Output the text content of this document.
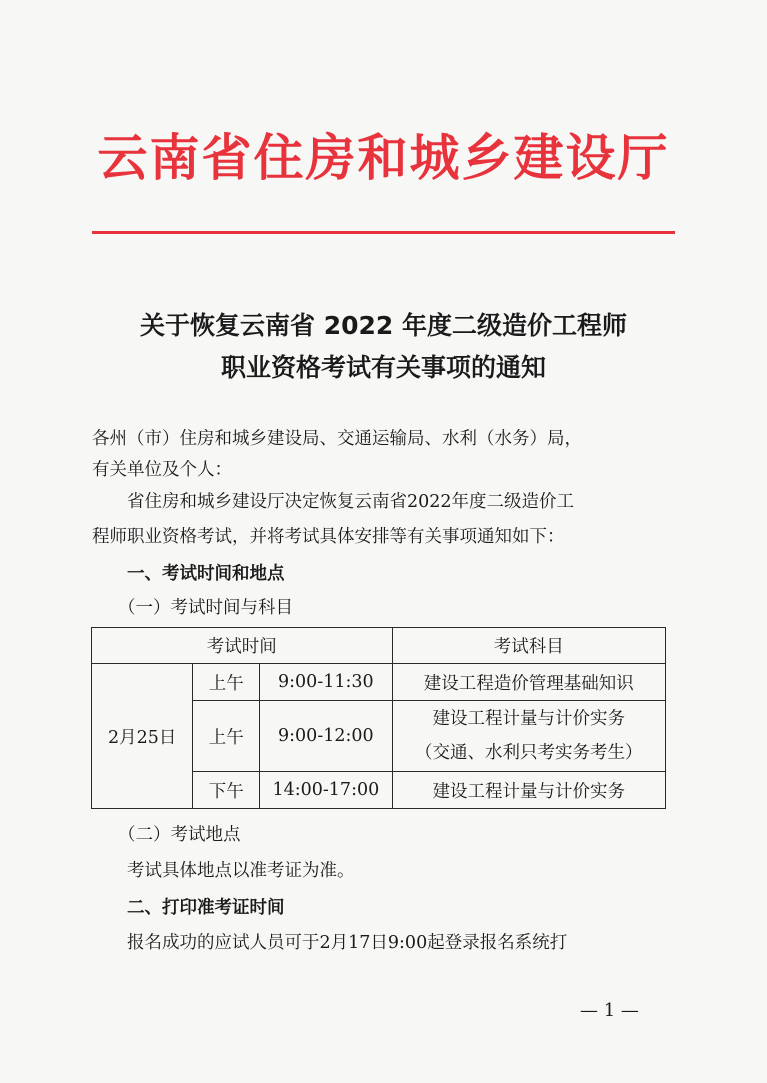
云南省住房和城乡建设厅
关于恢复云南省 2022 年度二级造价工程师
职业资格考试有关事项的通知
各州（市）住房和城乡建设局、交通运输局、水利（水务）局，
有关单位及个人：
省住房和城乡建设厅决定恢复云南省2022年度二级造价工
程师职业资格考试，并将考试具体安排等有关事项通知如下：
一、考试时间和地点
（一）考试时间与科目
考试时间			考试科目
2月25日	上午	9:00-11:30	建设工程造价管理基础知识
	上午	9:00-12:00	建设工程计量与计价实务
（交通、水利只考实务考生）

	下午	14:00-17:00	建设工程计量与计价实务
（二）考试地点
考试具体地点以准考证为准。
二、打印准考证时间
报名成功的应试人员可于2月17日9:00起登录报名系统打
— 1 —
